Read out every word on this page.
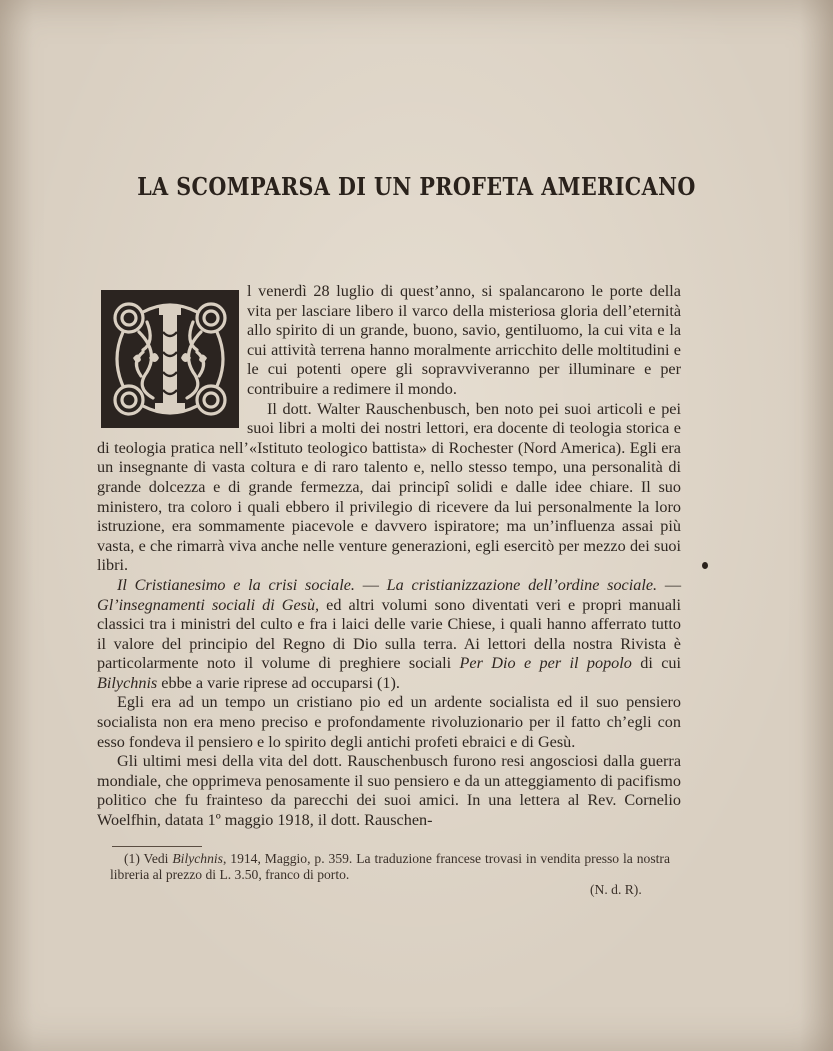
LA SCOMPARSA DI UN PROFETA AMERICANO

l venerdì 28 luglio di quest’anno, si spalancarono le porte della vita per lasciare libero il varco della misteriosa gloria dell’eternità allo spirito di un grande, buono, savio, gentiluomo, la cui vita e la cui attività terrena hanno moralmente arricchito delle moltitudini e le cui potenti opere gli sopravviveranno per illuminare e per contribuire a redimere il mondo.

Il dott. Walter Rauschenbusch, ben noto pei suoi articoli e pei suoi libri a molti dei nostri lettori, era docente di teologia storica e di teologia pratica nell’«Istituto teologico battista» di Rochester (Nord America). Egli era un insegnante di vasta coltura e di raro talento e, nello stesso tempo, una personalità di grande dolcezza e di grande fermezza, dai principî solidi e dalle idee chiare. Il suo ministero, tra coloro i quali ebbero il privilegio di ricevere da lui personalmente la loro istruzione, era sommamente piacevole e davvero ispiratore; ma un’influenza assai più vasta, e che rimarrà viva anche nelle venture generazioni, egli esercitò per mezzo dei suoi libri.

Il Cristianesimo e la crisi sociale. — La cristianizzazione dell’ordine sociale. — Gl’insegnamenti sociali di Gesù, ed altri volumi sono diventati veri e propri manuali classici tra i ministri del culto e fra i laici delle varie Chiese, i quali hanno afferrato tutto il valore del principio del Regno di Dio sulla terra. Ai lettori della nostra Rivista è particolarmente noto il volume di preghiere sociali Per Dio e per il popolo di cui Bilychnis ebbe a varie riprese ad occuparsi (1).

Egli era ad un tempo un cristiano pio ed un ardente socialista ed il suo pensiero socialista non era meno preciso e profondamente rivoluzionario per il fatto ch’egli con esso fondeva il pensiero e lo spirito degli antichi profeti ebraici e di Gesù.

Gli ultimi mesi della vita del dott. Rauschenbusch furono resi angosciosi dalla guerra mondiale, che opprimeva penosamente il suo pensiero e da un atteggiamento di pacifismo politico che fu frainteso da parecchi dei suoi amici. In una lettera al Rev. Cornelio Woelfhin, datata 1º maggio 1918, il dott. Rauschen-

(1) Vedi Bilychnis, 1914, Maggio, p. 359. La traduzione francese trovasi in vendita presso la nostra libreria al prezzo di L. 3.50, franco di porto.

(N. d. R).
